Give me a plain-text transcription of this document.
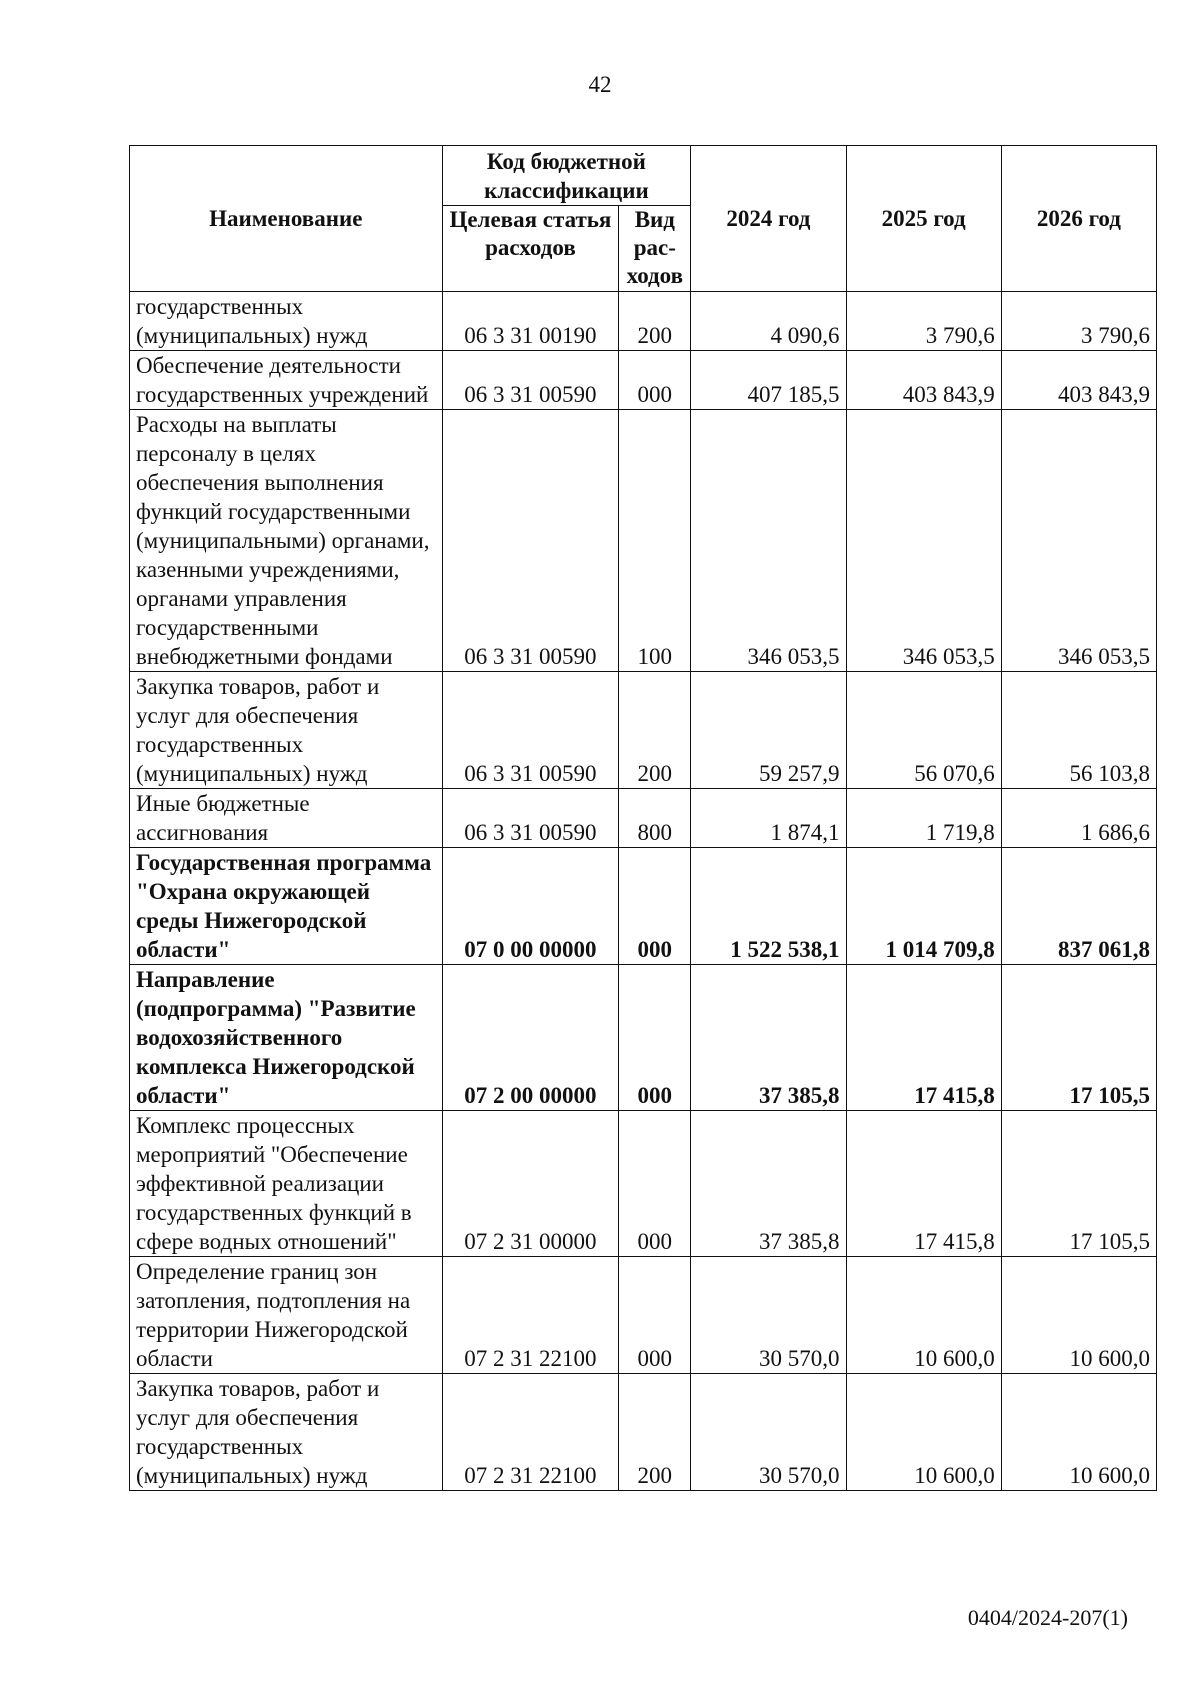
42
Наименование	Код бюджетной классификации		2024 год	2025 год	2026 год
	Целевая статья расходов	Вид рас-ходов			
государственных (муниципальных) нужд	06 3 31 00190	200	4 090,6	3 790,6	3 790,6
Обеспечение деятельности государственных учреждений	06 3 31 00590	000	407 185,5	403 843,9	403 843,9
Расходы на выплаты персоналу в целях обеспечения выполнения функций государственными (муниципальными) органами, казенными учреждениями, органами управления государственными внебюджетными фондами	06 3 31 00590	100	346 053,5	346 053,5	346 053,5
Закупка товаров, работ и услуг для обеспечения государственных (муниципальных) нужд	06 3 31 00590	200	59 257,9	56 070,6	56 103,8
Иные бюджетные ассигнования	06 3 31 00590	800	1 874,1	1 719,8	1 686,6
Государственная программа "Охрана окружающей среды Нижегородской области"	07 0 00 00000	000	1 522 538,1	1 014 709,8	837 061,8
Направление (подпрограмма) "Развитие водохозяйственного комплекса Нижегородской области"	07 2 00 00000	000	37 385,8	17 415,8	17 105,5
Комплекс процессных мероприятий "Обеспечение эффективной реализации государственных функций в сфере водных отношений"	07 2 31 00000	000	37 385,8	17 415,8	17 105,5
Определение границ зон затопления, подтопления на территории Нижегородской области	07 2 31 22100	000	30 570,0	10 600,0	10 600,0
Закупка товаров, работ и услуг для обеспечения государственных (муниципальных) нужд	07 2 31 22100	200	30 570,0	10 600,0	10 600,0
0404/2024-207(1)
